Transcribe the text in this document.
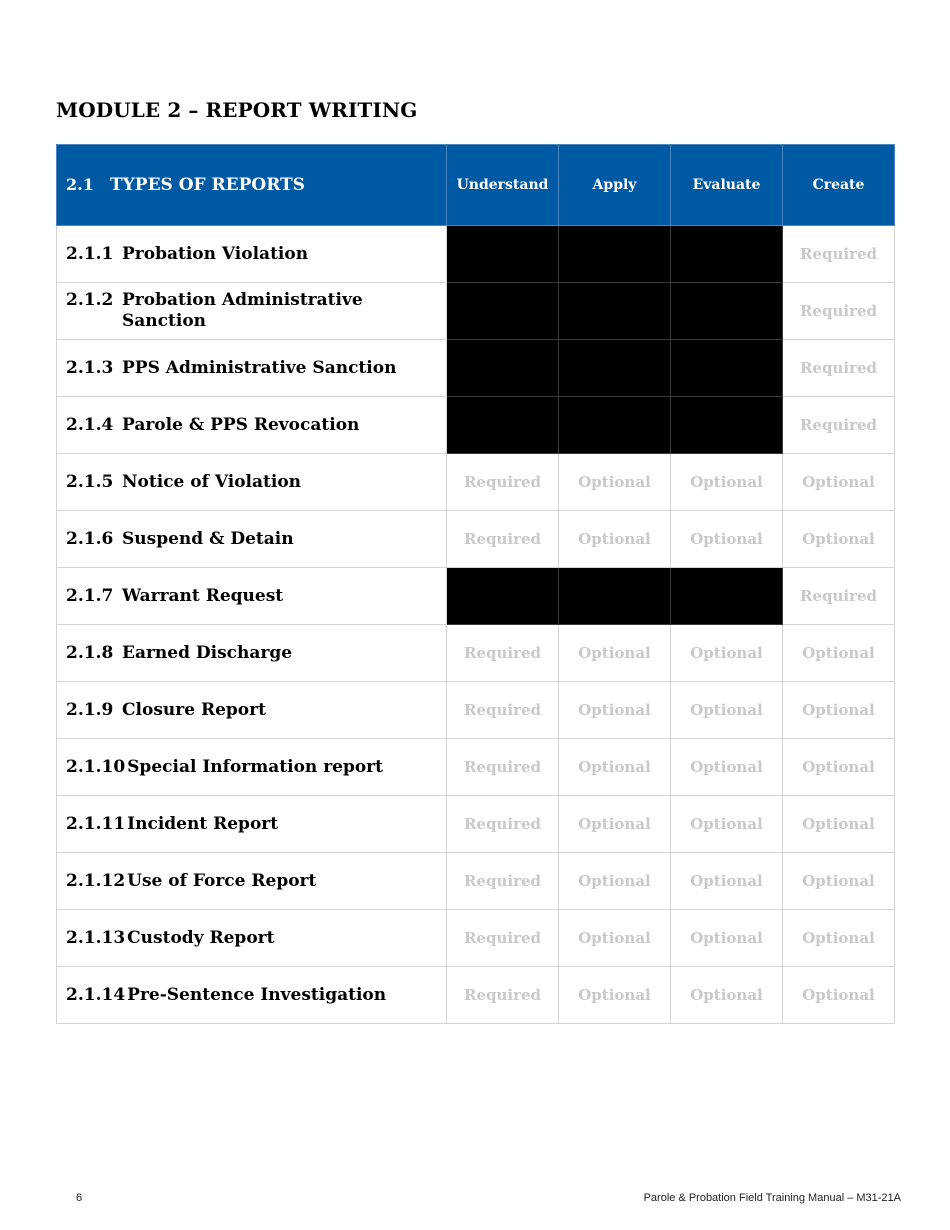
MODULE 2 – REPORT WRITING
2.1 TYPES OF REPORTS	Understand	Apply	Evaluate	Create

2.1.1 Probation Violation				Required

2.1.2 Probation Administrative Sanction				Required

2.1.3 PPS Administrative Sanction				Required

2.1.4 Parole & PPS Revocation				Required

2.1.5 Notice of Violation	Required	Optional	Optional	Optional

2.1.6 Suspend & Detain	Required	Optional	Optional	Optional

2.1.7 Warrant Request				Required

2.1.8 Earned Discharge	Required	Optional	Optional	Optional

2.1.9 Closure Report	Required	Optional	Optional	Optional

2.1.10 Special Information report	Required	Optional	Optional	Optional

2.1.11 Incident Report	Required	Optional	Optional	Optional

2.1.12 Use of Force Report	Required	Optional	Optional	Optional

2.1.13 Custody Report	Required	Optional	Optional	Optional

2.1.14 Pre-Sentence Investigation	Required	Optional	Optional	Optional
6	Parole & Probation Field Training Manual – M31-21A
